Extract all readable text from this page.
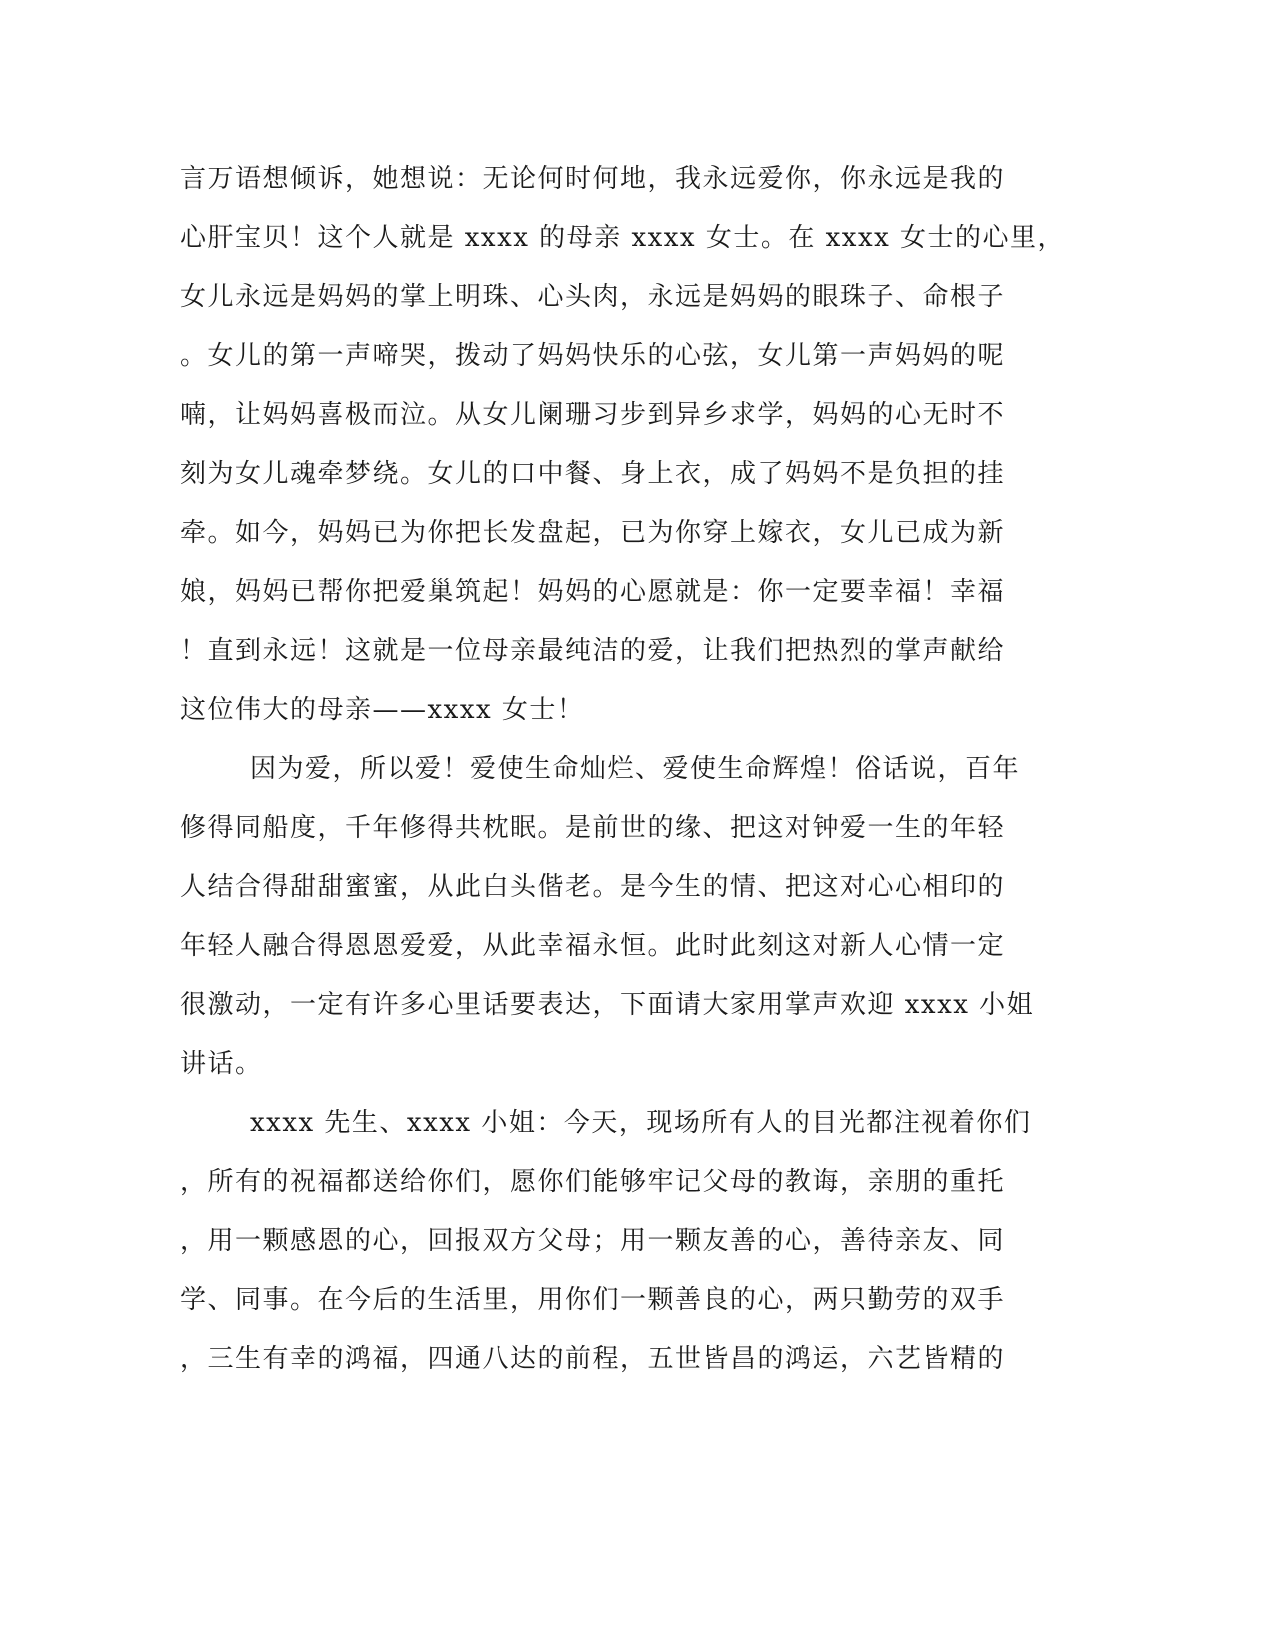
言万语想倾诉，她想说：无论何时何地，我永远爱你，你永远是我的
心肝宝贝！这个人就是 xxxx 的母亲 xxxx 女士。在 xxxx 女士的心里，
女儿永远是妈妈的掌上明珠、心头肉，永远是妈妈的眼珠子、命根子
。女儿的第一声啼哭，拨动了妈妈快乐的心弦，女儿第一声妈妈的呢
喃，让妈妈喜极而泣。从女儿阑珊习步到异乡求学，妈妈的心无时不
刻为女儿魂牵梦绕。女儿的口中餐、身上衣，成了妈妈不是负担的挂
牵。如今，妈妈已为你把长发盘起，已为你穿上嫁衣，女儿已成为新
娘，妈妈已帮你把爱巢筑起！妈妈的心愿就是：你一定要幸福！幸福
！直到永远！这就是一位母亲最纯洁的爱，让我们把热烈的掌声献给
这位伟大的母亲——xxxx 女士！
因为爱，所以爱！爱使生命灿烂、爱使生命辉煌！俗话说，百年
修得同船度，千年修得共枕眠。是前世的缘、把这对钟爱一生的年轻
人结合得甜甜蜜蜜，从此白头偕老。是今生的情、把这对心心相印的
年轻人融合得恩恩爱爱，从此幸福永恒。此时此刻这对新人心情一定
很激动，一定有许多心里话要表达，下面请大家用掌声欢迎 xxxx 小姐
讲话。
xxxx 先生、xxxx 小姐：今天，现场所有人的目光都注视着你们
，所有的祝福都送给你们，愿你们能够牢记父母的教诲，亲朋的重托
，用一颗感恩的心，回报双方父母；用一颗友善的心，善待亲友、同
学、同事。在今后的生活里，用你们一颗善良的心，两只勤劳的双手
，三生有幸的鸿福，四通八达的前程，五世皆昌的鸿运，六艺皆精的
